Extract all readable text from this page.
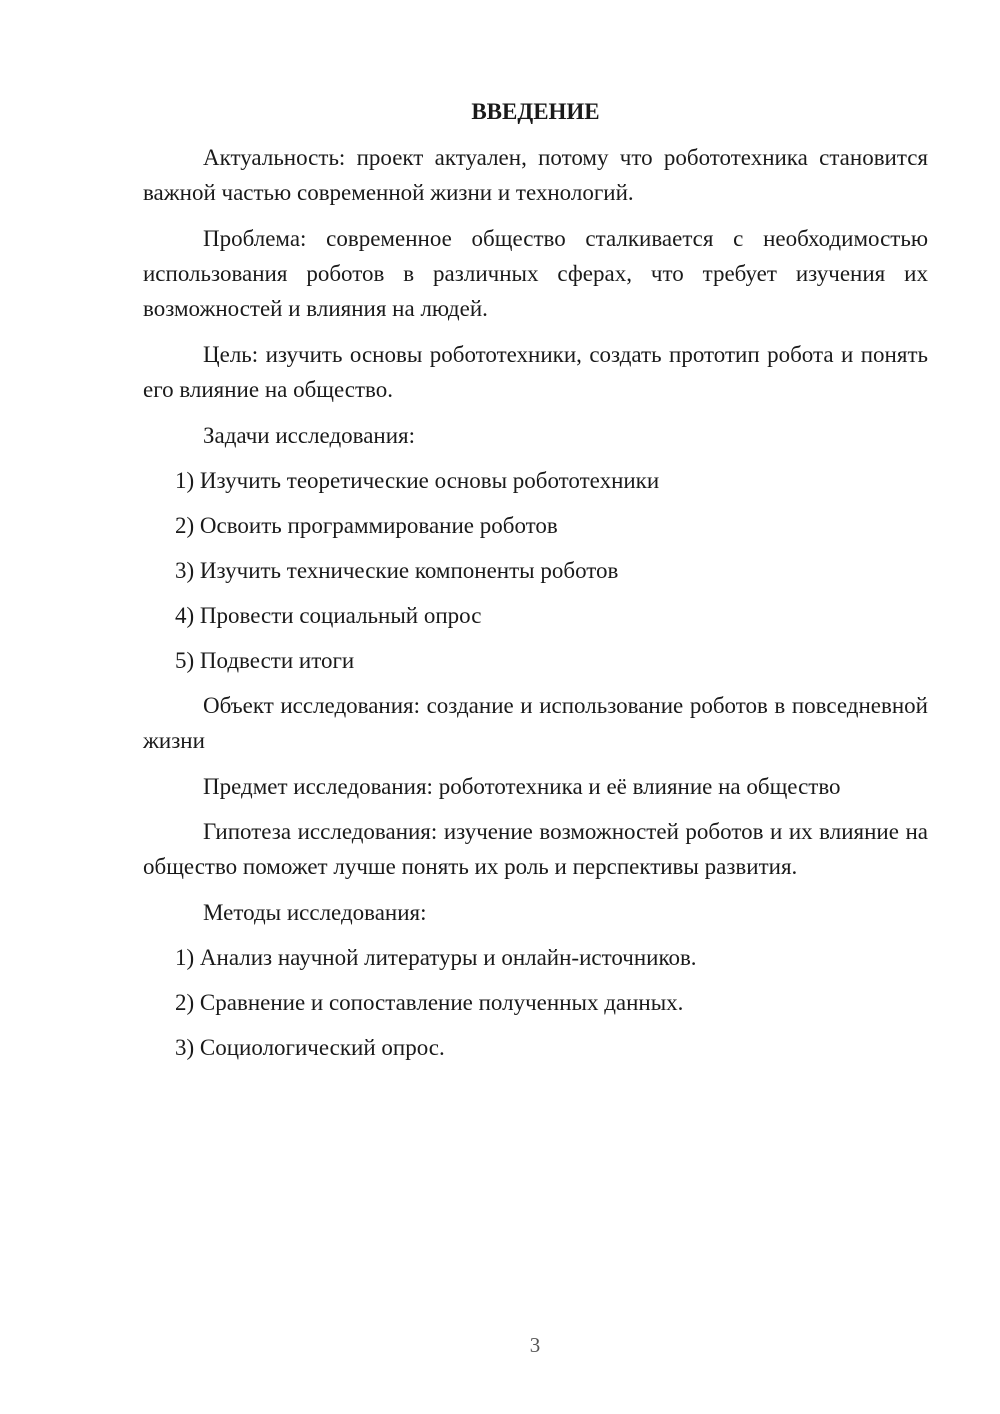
ВВЕДЕНИЕ
Актуальность: проект актуален, потому что робототехника становится важной частью современной жизни и технологий.
Проблема: современное общество сталкивается с необходимостью использования роботов в различных сферах, что требует изучения их возможностей и влияния на людей.
Цель: изучить основы робототехники, создать прототип робота и понять его влияние на общество.
Задачи исследования:
1) Изучить теоретические основы робототехники
2) Освоить программирование роботов
3) Изучить технические компоненты роботов
4) Провести социальный опрос
5) Подвести итоги
Объект исследования: создание и использование роботов в повседневной жизни
Предмет исследования: робототехника и её влияние на общество
Гипотеза исследования: изучение возможностей роботов и их влияние на общество поможет лучше понять их роль и перспективы развития.
Методы исследования:
1) Анализ научной литературы и онлайн-источников.
2) Сравнение и сопоставление полученных данных.
3) Социологический опрос.
3
